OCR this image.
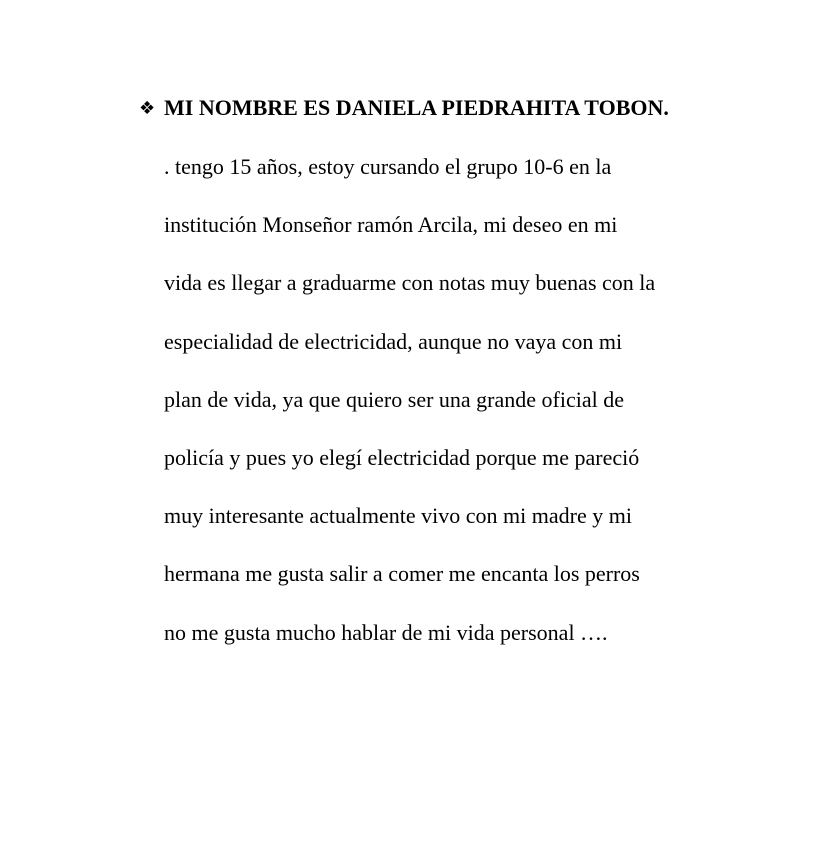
❖ MI NOMBRE ES DANIELA PIEDRAHITA TOBON.

. tengo 15 años, estoy cursando el grupo 10-6 en la

institución Monseñor ramón Arcila, mi deseo en mi

vida es llegar a graduarme con notas muy buenas con la

especialidad de electricidad, aunque no vaya con mi

plan de vida, ya que quiero ser una grande oficial de

policía y pues yo elegí electricidad porque me pareció

muy interesante actualmente vivo con mi madre y mi

hermana me gusta salir a comer me encanta los perros

no me gusta mucho hablar de mi vida personal ….
